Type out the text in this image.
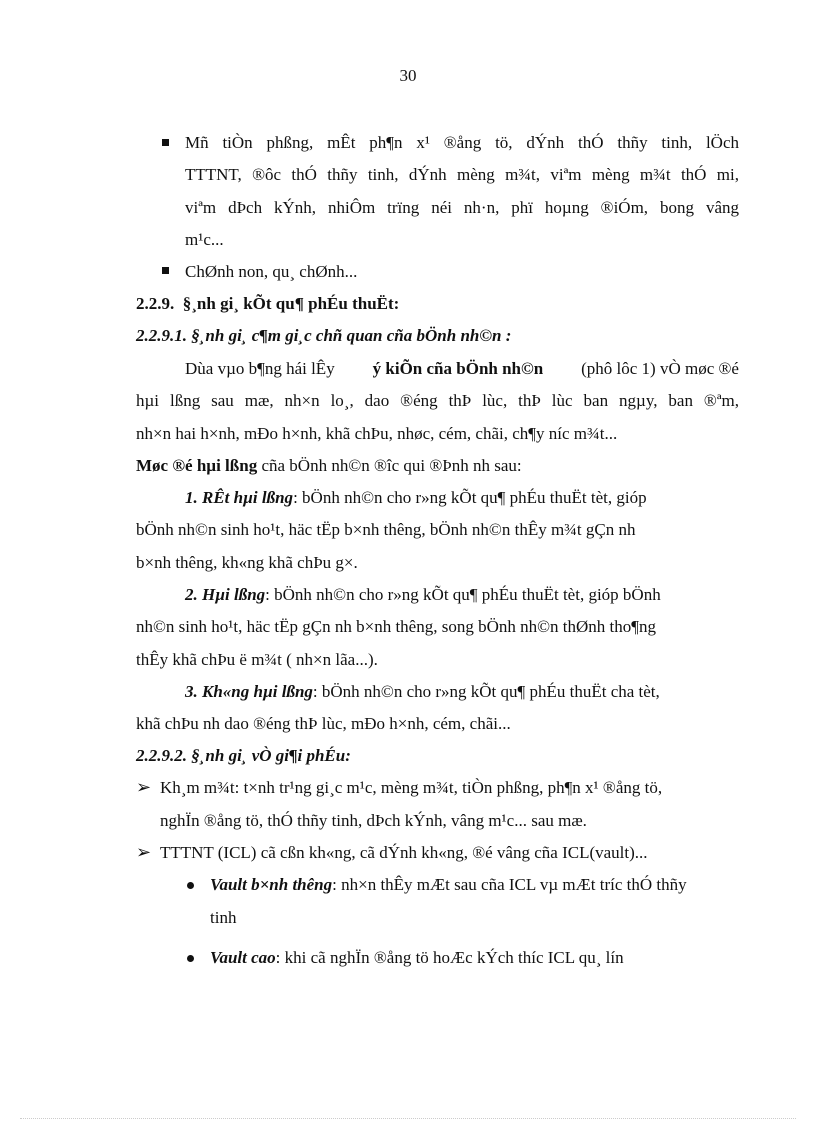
30
Mñ tiÒn phßng, mÊt ph¶n x¹ ®ång tö, dÝnh thÓ thñy tinh, lÖch
TTTNT, ®ôc thÓ thñy tinh, dÝnh mèng m¾t, viªm mèng m¾t thÓ mi,
viªm dÞch kÝnh, nhiÔm trïng néi nh·n, phï hoµng ®iÓm, bong vâng
m¹c...
ChØnh non, qu¸ chØnh...
2.2.9. §¸nh gi¸ kÕt qu¶ phÉu thuËt:
2.2.9.1. §¸nh gi¸ c¶m gi¸c chñ quan cña bÖnh nh©n :
Dùa vµo b¶ng hái lÊy ý kiÕn cña bÖnh nh©n (phô lôc 1) vÒ møc ®é
hµi lßng sau mæ, nh×n lo¸, dao ®éng thÞ lùc, thÞ lùc ban ngµy, ban ®ªm,
nh×n hai h×nh, mÐo h×nh, khã chÞu, nhøc, cém, chãi, ch¶y níc m¾t...
Møc ®é hµi lßng cña bÖnh nh©n ®îc qui ®Þnh nh sau:
1. RÊt hµi lßng: bÖnh nh©n cho r»ng kÕt qu¶ phÉu thuËt tèt, gióp
bÖnh nh©n sinh ho¹t, häc tËp b×nh thêng, bÖnh nh©n thÊy m¾t gÇn nh
b×nh thêng, kh«ng khã chÞu g×.
2. Hµi lßng: bÖnh nh©n cho r»ng kÕt qu¶ phÉu thuËt tèt, gióp bÖnh
nh©n sinh ho¹t, häc tËp gÇn nh b×nh thêng, song bÖnh nh©n thØnh tho¶ng
thÊy khã chÞu ë m¾t ( nh×n lãa...).
3. Kh«ng hµi lßng: bÖnh nh©n cho r»ng kÕt qu¶ phÉu thuËt cha tèt,
khã chÞu nh dao ®éng thÞ lùc, mÐo h×nh, cém, chãi...
2.2.9.2. §¸nh gi¸ vÒ gi¶i phÉu:
➢ Kh¸m m¾t: t×nh tr¹ng gi¸c m¹c, mèng m¾t, tiÒn phßng, ph¶n x¹ ®ång tö,
nghÏn ®ång tö, thÓ thñy tinh, dÞch kÝnh, vâng m¹c... sau mæ.
➢ TTTNT (ICL) cã cßn kh«ng, cã dÝnh kh«ng, ®é vâng cña ICL(vault)...
Vault b×nh thêng: nh×n thÊy mÆt sau cña ICL vµ mÆt tríc thÓ thñy
tinh
Vault cao: khi cã nghÏn ®ång tö hoÆc kÝch thíc ICL qu¸ lín
